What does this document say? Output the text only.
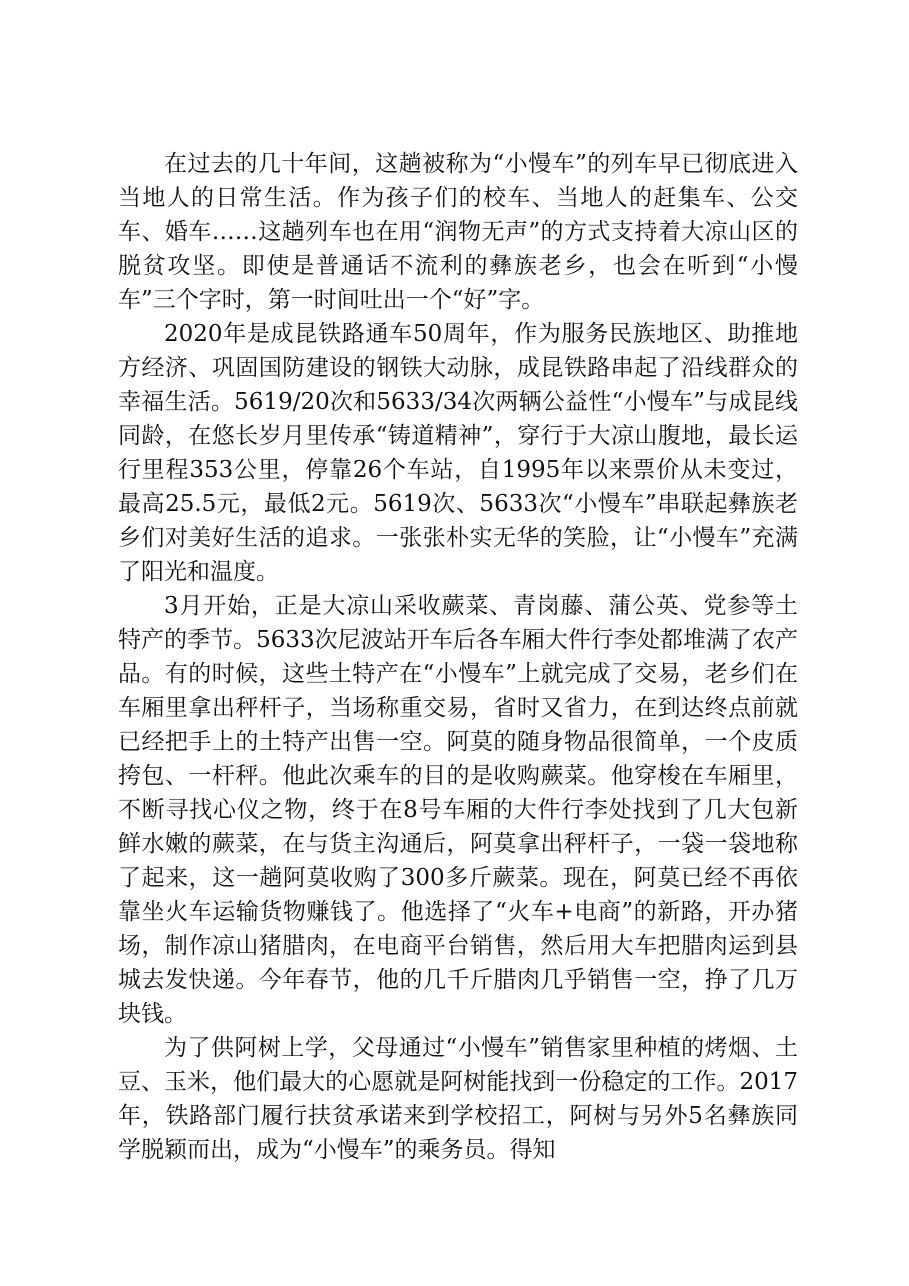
在过去的几十年间，这趟被称为“小慢车”的列车早已彻底进入当地人的日常生活。作为孩子们的校车、当地人的赶集车、公交车、婚车……这趟列车也在用“润物无声”的方式支持着大凉山区的脱贫攻坚。即使是普通话不流利的彝族老乡，也会在听到“小慢车”三个字时，第一时间吐出一个“好”字。

2020年是成昆铁路通车50周年，作为服务民族地区、助推地方经济、巩固国防建设的钢铁大动脉，成昆铁路串起了沿线群众的幸福生活。5619/20次和5633/34次两辆公益性“小慢车”与成昆线同龄，在悠长岁月里传承“铸道精神”，穿行于大凉山腹地，最长运行里程353公里，停靠26个车站，自1995年以来票价从未变过，最高25.5元，最低2元。5619次、5633次“小慢车”串联起彝族老乡们对美好生活的追求。一张张朴实无华的笑脸，让“小慢车”充满了阳光和温度。

3月开始，正是大凉山采收蕨菜、青岗藤、蒲公英、党参等土特产的季节。5633次尼波站开车后各车厢大件行李处都堆满了农产品。有的时候，这些土特产在“小慢车”上就完成了交易，老乡们在车厢里拿出秤杆子，当场称重交易，省时又省力，在到达终点前就已经把手上的土特产出售一空。阿莫的随身物品很简单，一个皮质挎包、一杆秤。他此次乘车的目的是收购蕨菜。他穿梭在车厢里，不断寻找心仪之物，终于在8号车厢的大件行李处找到了几大包新鲜水嫩的蕨菜，在与货主沟通后，阿莫拿出秤杆子，一袋一袋地称了起来，这一趟阿莫收购了300多斤蕨菜。现在，阿莫已经不再依靠坐火车运输货物赚钱了。他选择了“火车+电商”的新路，开办猪场，制作凉山猪腊肉，在电商平台销售，然后用大车把腊肉运到县城去发快递。今年春节，他的几千斤腊肉几乎销售一空，挣了几万块钱。

为了供阿树上学，父母通过“小慢车”销售家里种植的烤烟、土豆、玉米，他们最大的心愿就是阿树能找到一份稳定的工作。2017年，铁路部门履行扶贫承诺来到学校招工，阿树与另外5名彝族同学脱颖而出，成为“小慢车”的乘务员。得知
